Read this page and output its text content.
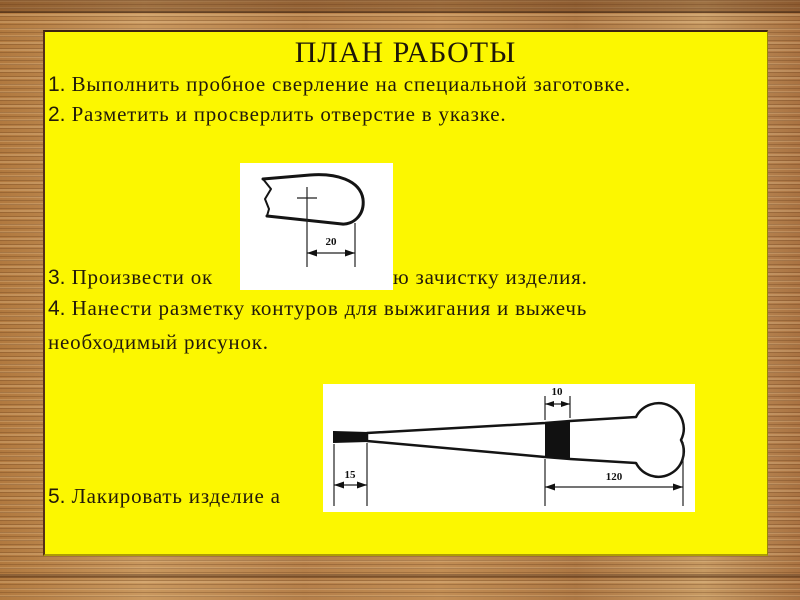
ПЛАН РАБОТЫ
1. Выполнить пробное сверление на специальной заготовке.
2. Разметить и просверлить отверстие в указке.
3. Произвести ок	ю зачистку изделия.
4. Нанести разметку контуров для выжигания и выжечь
необходимый рисунок.
5. Лакировать изделие а
20
10
15	120
